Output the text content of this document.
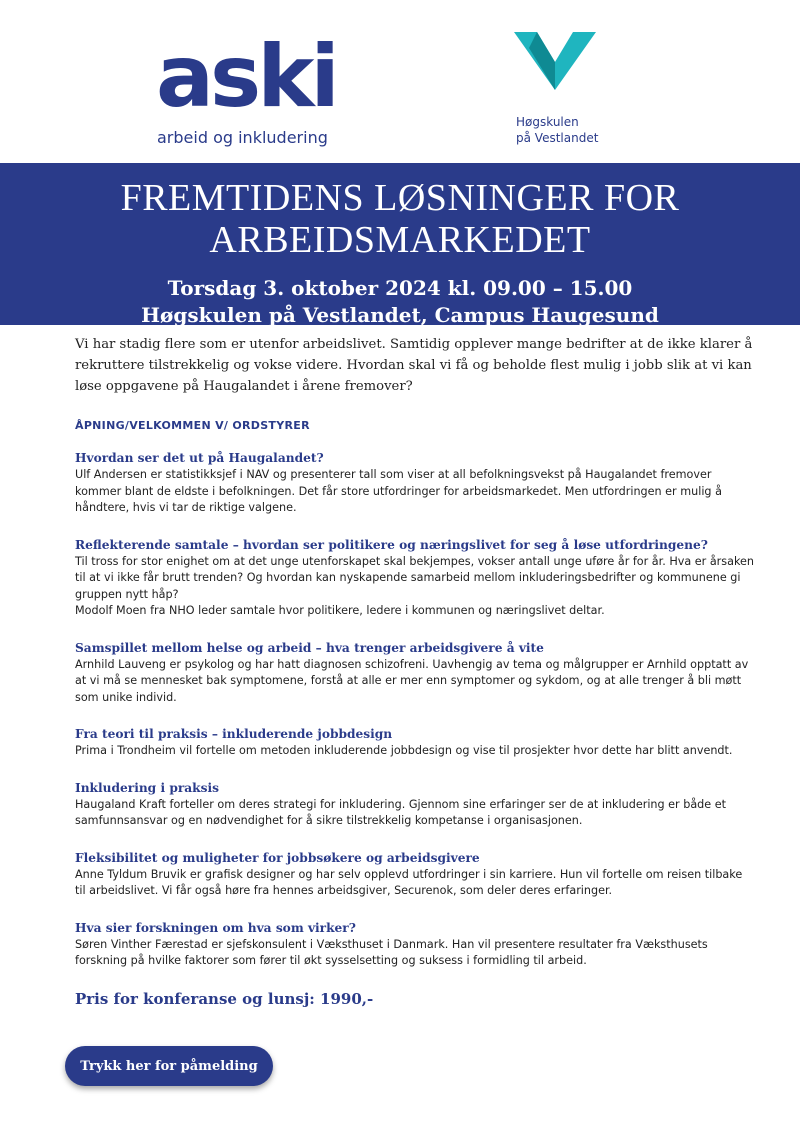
aski
arbeid og inkludering
Høgskulen
på Vestlandet
FREMTIDENS LØSNINGER FOR
ARBEIDSMARKEDET
Torsdag 3. oktober 2024 kl. 09.00 – 15.00
Høgskulen på Vestlandet, Campus Haugesund

Vi har stadig flere som er utenfor arbeidslivet. Samtidig opplever mange bedrifter at de ikke klarer å rekruttere tilstrekkelig og vokse videre. Hvordan skal vi få og beholde flest mulig i jobb slik at vi kan løse oppgavene på Haugalandet i årene fremover?

ÅPNING/VELKOMMEN V/ ORDSTYRER
Hvordan ser det ut på Haugalandet?

Ulf Andersen er statistikksjef i NAV og presenterer tall som viser at all befolkningsvekst på Haugalandet fremover kommer blant de eldste i befolkningen. Det får store utfordringer for arbeidsmarkedet. Men utfordringen er mulig å håndtere, hvis vi tar de riktige valgene.

Reflekterende samtale – hvordan ser politikere og næringslivet for seg å løse utfordringene?

Til tross for stor enighet om at det unge utenforskapet skal bekjempes, vokser antall unge uføre år for år. Hva er årsaken til at vi ikke får brutt trenden? Og hvordan kan nyskapende samarbeid mellom inkluderingsbedrifter og kommunene gi gruppen nytt håp?
Modolf Moen fra NHO leder samtale hvor politikere, ledere i kommunen og næringslivet deltar.

Samspillet mellom helse og arbeid – hva trenger arbeidsgivere å vite

Arnhild Lauveng er psykolog og har hatt diagnosen schizofreni. Uavhengig av tema og målgrupper er Arnhild opptatt av at vi må se mennesket bak symptomene, forstå at alle er mer enn symptomer og sykdom, og at alle trenger å bli møtt som unike individ.

Fra teori til praksis – inkluderende jobbdesign

Prima i Trondheim vil fortelle om metoden inkluderende jobbdesign og vise til prosjekter hvor dette har blitt anvendt.

Inkludering i praksis

Haugaland Kraft forteller om deres strategi for inkludering. Gjennom sine erfaringer ser de at inkludering er både et samfunnsansvar og en nødvendighet for å sikre tilstrekkelig kompetanse i organisasjonen.

Fleksibilitet og muligheter for jobbsøkere og arbeidsgivere

Anne Tyldum Bruvik er grafisk designer og har selv opplevd utfordringer i sin karriere. Hun vil fortelle om reisen tilbake til arbeidslivet. Vi får også høre fra hennes arbeidsgiver, Securenok, som deler deres erfaringer.

Hva sier forskningen om hva som virker?

Søren Vinther Færestad er sjefskonsulent i Væksthuset i Danmark. Han vil presentere resultater fra Væksthusets forskning på hvilke faktorer som fører til økt sysselsetting og suksess i formidling til arbeid.

Pris for konferanse og lunsj: 1990,-
Trykk her for påmelding
